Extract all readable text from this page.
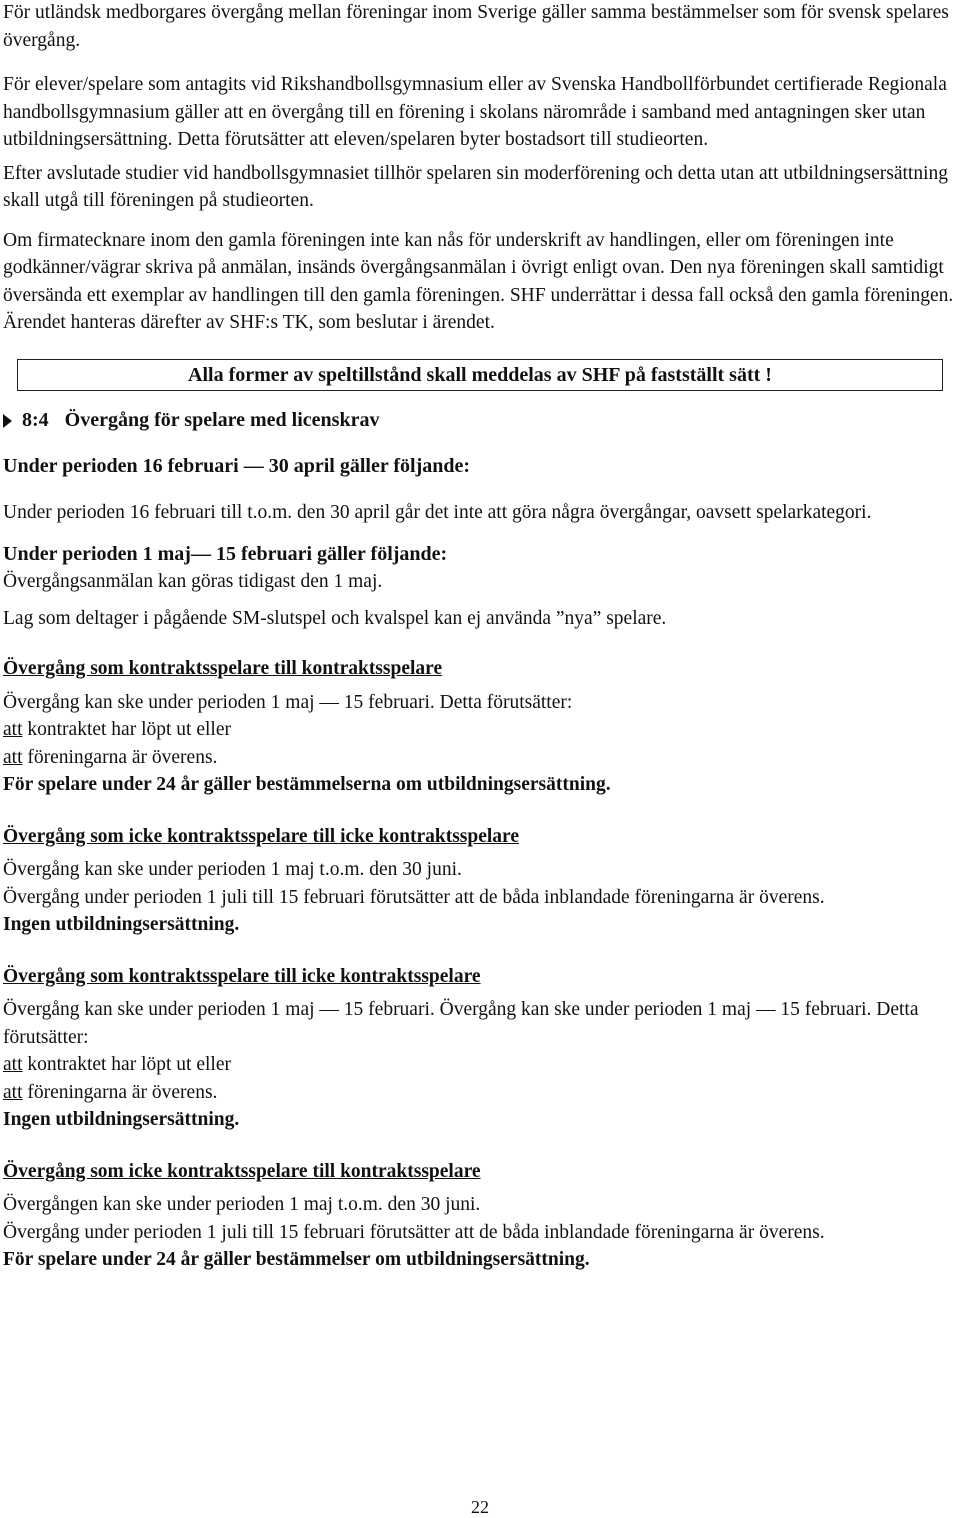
För utländsk medborgares övergång mellan föreningar inom Sverige gäller samma bestämmelser som för svensk spelares övergång.

För elever/spelare som antagits vid Rikshandbollsgymnasium eller av Svenska Handbollförbundet certifierade Regionala handbollsgymnasium gäller att en övergång till en förening i skolans närområde i samband med antagningen sker utan utbildningsersättning. Detta förutsätter att eleven/spelaren byter bostadsort till studieorten.

Efter avslutade studier vid handbollsgymnasiet tillhör spelaren sin moderförening och detta utan att utbildningsersättning skall utgå till föreningen på studieorten.

Om firmatecknare inom den gamla föreningen inte kan nås för underskrift av handlingen, eller om föreningen inte godkänner/vägrar skriva på anmälan, insänds övergångsanmälan i övrigt enligt ovan. Den nya föreningen skall samtidigt översända ett exemplar av handlingen till den gamla föreningen. SHF underrättar i dessa fall också den gamla föreningen. Ärendet hanteras därefter av SHF:s TK, som beslutar i ärendet.

Alla former av speltillstånd skall meddelas av SHF på fastställt sätt !
8:4 Övergång för spelare med licenskrav

Under perioden 16 februari — 30 april gäller följande:

Under perioden 16 februari till t.o.m. den 30 april går det inte att göra några övergångar, oavsett spelarkategori.

Under perioden 1 maj— 15 februari gäller följande:

Övergångsanmälan kan göras tidigast den 1 maj.

Lag som deltager i pågående SM-slutspel och kvalspel kan ej använda ”nya” spelare.

Övergång som kontraktsspelare till kontraktsspelare

Övergång kan ske under perioden 1 maj — 15 februari. Detta förutsätter:

att kontraktet har löpt ut eller

att föreningarna är överens.

För spelare under 24 år gäller bestämmelserna om utbildningsersättning.

Övergång som icke kontraktsspelare till icke kontraktsspelare

Övergång kan ske under perioden 1 maj t.o.m. den 30 juni.

Övergång under perioden 1 juli till 15 februari förutsätter att de båda inblandade föreningarna är överens.

Ingen utbildningsersättning.

Övergång som kontraktsspelare till icke kontraktsspelare

Övergång kan ske under perioden 1 maj — 15 februari. Övergång kan ske under perioden 1 maj — 15 februari. Detta förutsätter:

att kontraktet har löpt ut eller

att föreningarna är överens.

Ingen utbildningsersättning.

Övergång som icke kontraktsspelare till kontraktsspelare

Övergången kan ske under perioden 1 maj t.o.m. den 30 juni.

Övergång under perioden 1 juli till 15 februari förutsätter att de båda inblandade föreningarna är överens.

För spelare under 24 år gäller bestämmelser om utbildningsersättning.

22
